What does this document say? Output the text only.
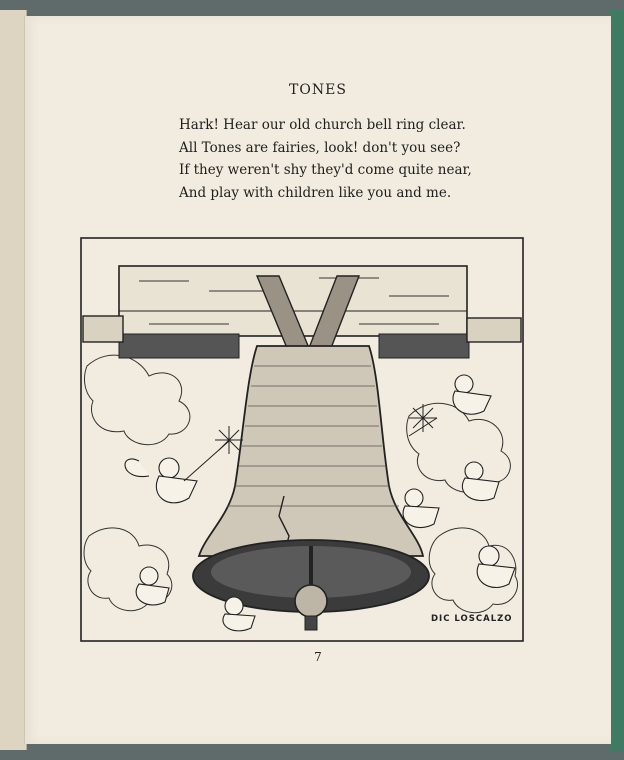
TONES
Hark! Hear our old church bell ring clear.
All Tones are fairies, look! don't you see?
If they weren't shy they'd come quite near,
And play with children like you and me.
DIC LOSCALZO
7
